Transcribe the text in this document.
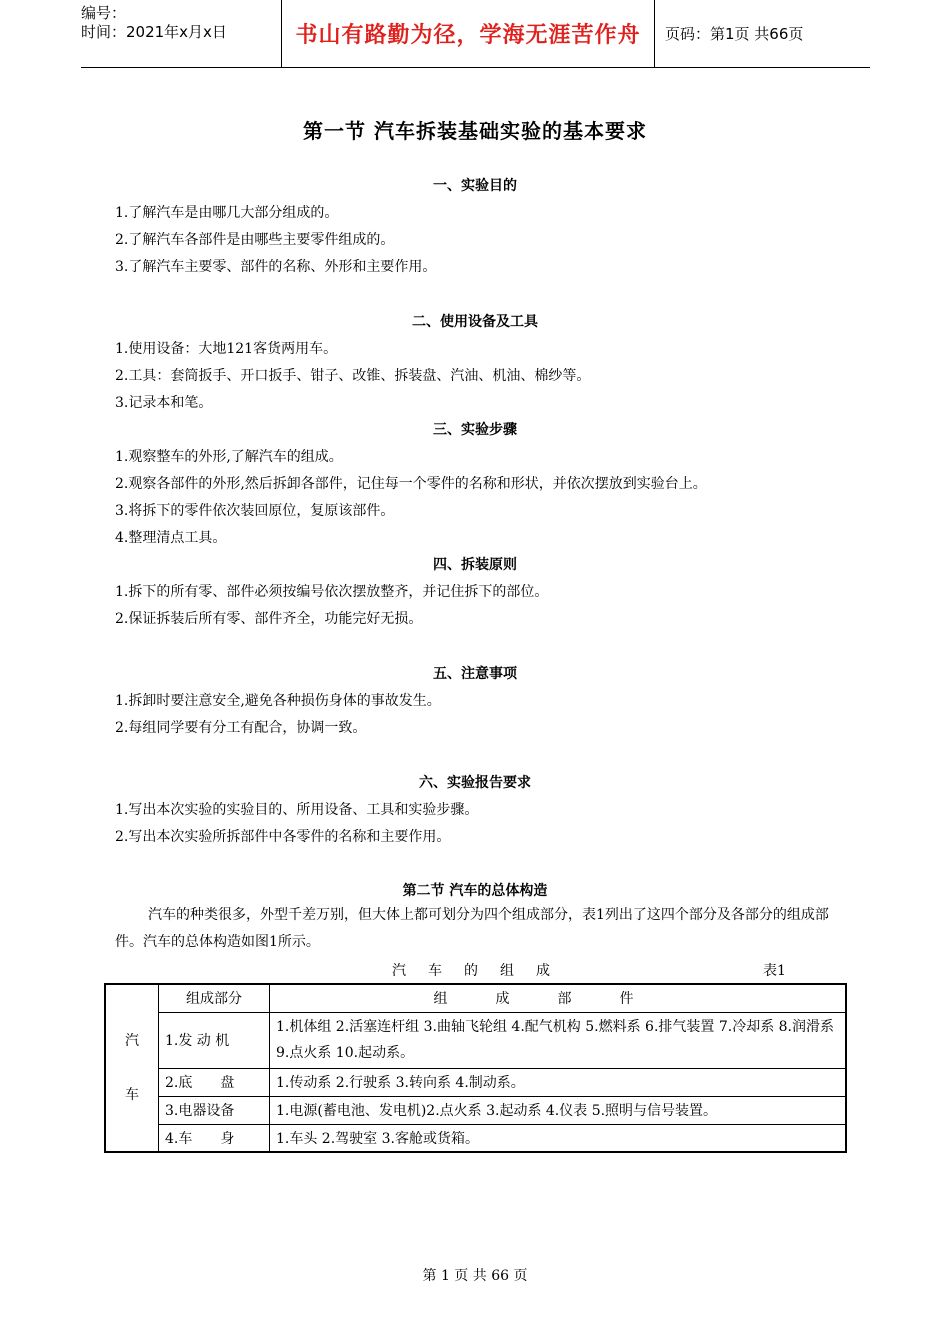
编号：
时间：2021年x月x日	书山有路勤为径，学海无涯苦作舟 页码：第1页 共66页
第一节 汽车拆装基础实验的基本要求
一、实验目的
1.了解汽车是由哪几大部分组成的。
2.了解汽车各部件是由哪些主要零件组成的。
3.了解汽车主要零、部件的名称、外形和主要作用。
二、使用设备及工具
1.使用设备：大地121客货两用车。
2.工具：套筒扳手、开口扳手、钳子、改锥、拆装盘、汽油、机油、棉纱等。
3.记录本和笔。
三、实验步骤
1.观察整车的外形,了解汽车的组成。
2.观察各部件的外形,然后拆卸各部件，记住每一个零件的名称和形状，并依次摆放到实验台上。
3.将拆下的零件依次装回原位，复原该部件。
4.整理清点工具。
四、拆装原则
1.拆下的所有零、部件必须按编号依次摆放整齐，并记住拆下的部位。
2.保证拆装后所有零、部件齐全，功能完好无损。
五、注意事项
1.拆卸时要注意安全,避免各种损伤身体的事故发生。
2.每组同学要有分工有配合，协调一致。
六、实验报告要求
1.写出本次实验的实验目的、所用设备、工具和实验步骤。
2.写出本次实验所拆部件中各零件的名称和主要作用。
第二节 汽车的总体构造
汽车的种类很多，外型千差万别，但大体上都可划分为四个组成部分，表1列出了这四个部分及各部分的组成部件。汽车的总体构造如图1所示。
汽车的组成	表1
汽
车	组成部分	组成部件
	1.发 动 机	1.机体组 2.活塞连杆组 3.曲轴飞轮组 4.配气机构 5.燃料系 6.排气装置 7.冷却系 8.润滑系 9.点火系 10.起动系。
	2.底　　盘	1.传动系 2.行驶系 3.转向系 4.制动系。
	3.电器设备	1.电源(蓄电池、发电机)2.点火系 3.起动系 4.仪表 5.照明与信号装置。
	4.车　　身	1.车头 2.驾驶室 3.客舱或货箱。
第 1 页 共 66 页
